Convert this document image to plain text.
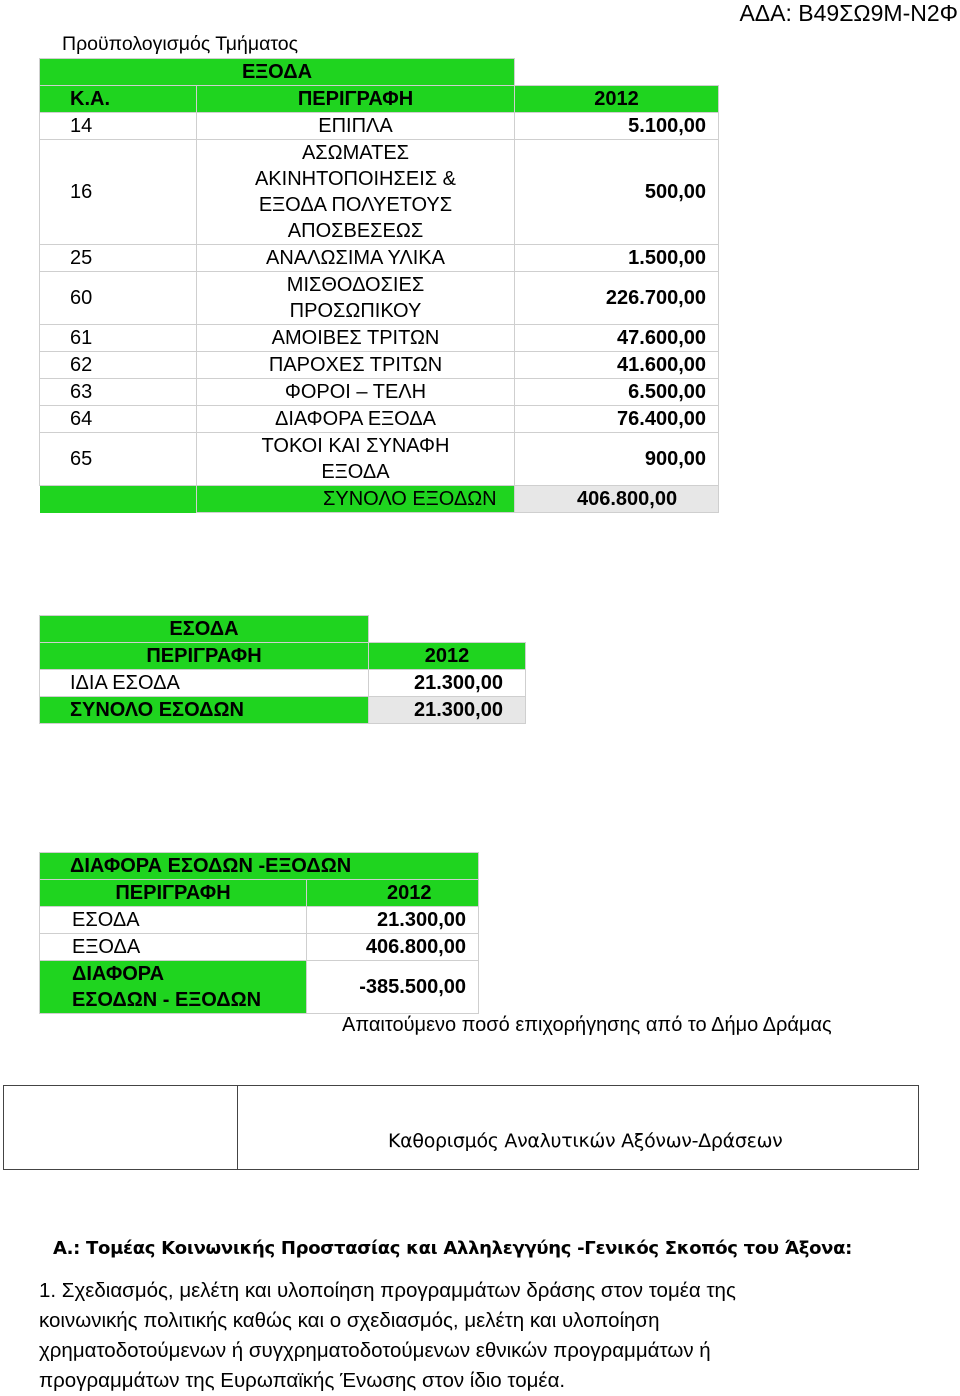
ΑΔΑ: Β49ΣΩ9Μ-Ν2Φ
Προϋπολογισμός Τμήματος
ΕΞΟΔΑ		
Κ.Α.	ΠΕΡΙΓΡΑΦΗ	2012
14	ΕΠΙΠΛΑ	5.100,00
16	ΑΣΩΜΑΤΕΣ ΑΚΙΝΗΤΟΠΟΙΗΣΕΙΣ & ΕΞΟΔΑ ΠΟΛΥΕΤΟΥΣ ΑΠΟΣΒΕΣΕΩΣ	500,00
25	ΑΝΑΛΩΣΙΜΑ ΥΛΙΚΑ	1.500,00
60	ΜΙΣΘΟΔΟΣΙΕΣ ΠΡΟΣΩΠΙΚΟΥ	226.700,00
61	ΑΜΟΙΒΕΣ ΤΡΙΤΩΝ	47.600,00
62	ΠΑΡΟΧΕΣ ΤΡΙΤΩΝ	41.600,00
63	ΦΟΡΟΙ – ΤΕΛΗ	6.500,00
64	ΔΙΑΦΟΡΑ ΕΞΟΔΑ	76.400,00
65	ΤΟΚΟΙ ΚΑΙ ΣΥΝΑΦΗ ΕΞΟΔΑ	900,00
	ΣΥΝΟΛΟ ΕΞΟΔΩΝ	406.800,00
ΕΣΟΔΑ	
ΠΕΡΙΓΡΑΦΗ	2012
ΙΔΙΑ ΕΣΟΔΑ	21.300,00
ΣΥΝΟΛΟ ΕΣΟΔΩΝ	21.300,00
ΔΙΑΦΟΡΑ ΕΣΟΔΩΝ -ΕΞΟΔΩΝ	
ΠΕΡΙΓΡΑΦΗ	2012
ΕΣΟΔΑ	21.300,00
ΕΞΟΔΑ	406.800,00
ΔΙΑΦΟΡΑ
ΕΣΟΔΩΝ - ΕΞΟΔΩΝ	-385.500,00
Απαιτούμενο ποσό επιχορήγησης από το Δήμο Δράμας
Καθορισμός Αναλυτικών Αξόνων-Δράσεων
Α.: Τομέας Κοινωνικής Προστασίας και Αλληλεγγύης -Γενικός Σκοπός του Άξονα:
1. Σχεδιασμός, μελέτη και υλοποίηση προγραμμάτων δράσης στον τομέα της κοινωνικής πολιτικής καθώς και ο σχεδιασμός, μελέτη και υλοποίηση χρηματοδοτούμενων ή συγχρηματοδοτούμενων εθνικών προγραμμάτων ή προγραμμάτων της Ευρωπαϊκής Ένωσης στον ίδιο τομέα.
